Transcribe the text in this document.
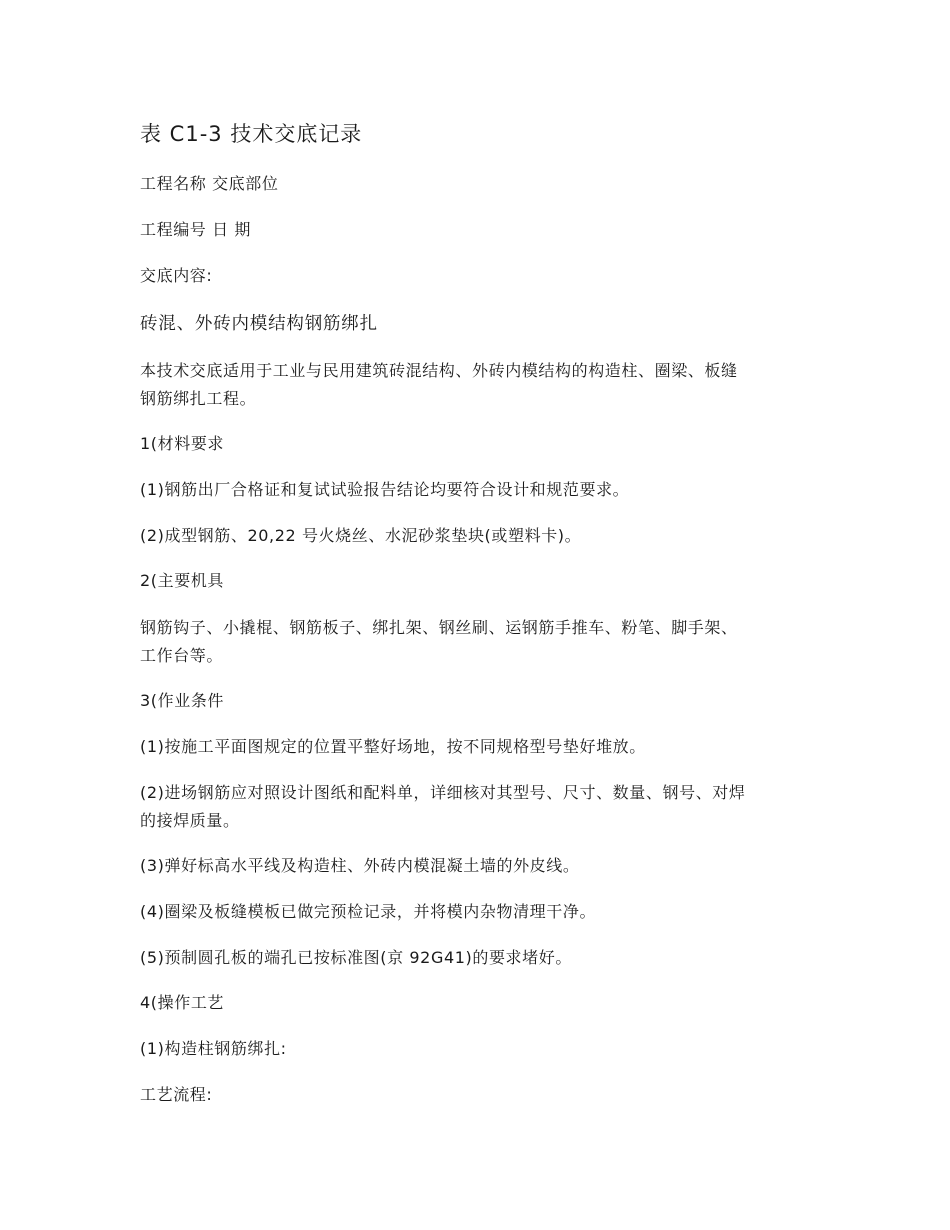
表 C1-3 技术交底记录
工程名称 交底部位
工程编号 日 期
交底内容:
砖混、外砖内模结构钢筋绑扎
本技术交底适用于工业与民用建筑砖混结构、外砖内模结构的构造柱、圈梁、板缝
钢筋绑扎工程。
1(材料要求
(1)钢筋出厂合格证和复试试验报告结论均要符合设计和规范要求。
(2)成型钢筋、20,22 号火烧丝、水泥砂浆垫块(或塑料卡)。
2(主要机具
钢筋钩子、小撬棍、钢筋板子、绑扎架、钢丝刷、运钢筋手推车、粉笔、脚手架、
工作台等。
3(作业条件
(1)按施工平面图规定的位置平整好场地，按不同规格型号垫好堆放。
(2)进场钢筋应对照设计图纸和配料单，详细核对其型号、尺寸、数量、钢号、对焊
的接焊质量。
(3)弹好标高水平线及构造柱、外砖内模混凝土墙的外皮线。
(4)圈梁及板缝模板已做完预检记录，并将模内杂物清理干净。
(5)预制圆孔板的端孔已按标准图(京 92G41)的要求堵好。
4(操作工艺
(1)构造柱钢筋绑扎:
工艺流程:
